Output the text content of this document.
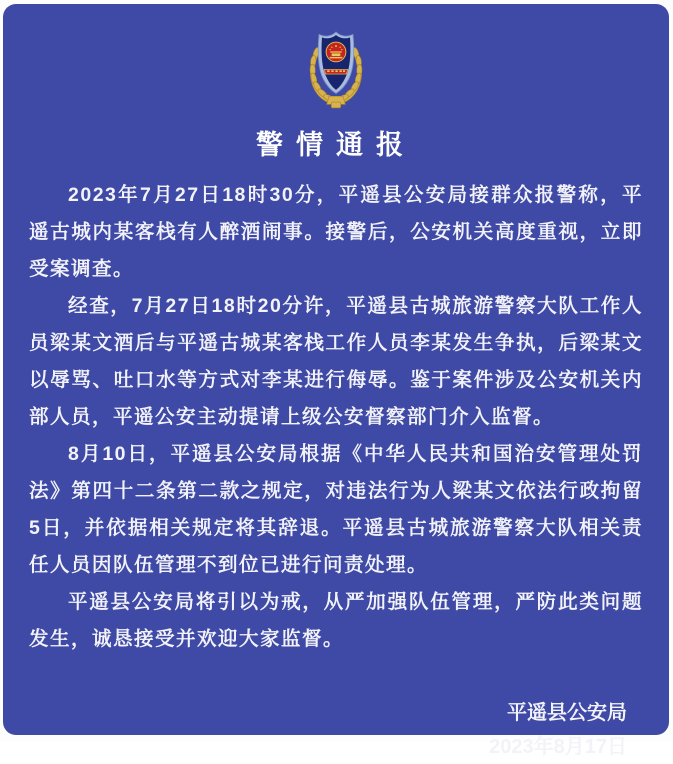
警情通报

2023年7月27日18时30分，平遥县公安局接群众报警称，平遥古城内某客栈有人醉酒闹事。接警后，公安机关高度重视，立即受案调查。

经查，7月27日18时20分许，平遥县古城旅游警察大队工作人员梁某文酒后与平遥古城某客栈工作人员李某发生争执，后梁某文以辱骂、吐口水等方式对李某进行侮辱。鉴于案件涉及公安机关内部人员，平遥公安主动提请上级公安督察部门介入监督。

8月10日，平遥县公安局根据《中华人民共和国治安管理处罚法》第四十二条第二款之规定，对违法行为人梁某文依法行政拘留5日，并依据相关规定将其辞退。平遥县古城旅游警察大队相关责任人员因队伍管理不到位已进行问责处理。

平遥县公安局将引以为戒，从严加强队伍管理，严防此类问题发生，诚恳接受并欢迎大家监督。

平遥县公安局
2023年8月17日
